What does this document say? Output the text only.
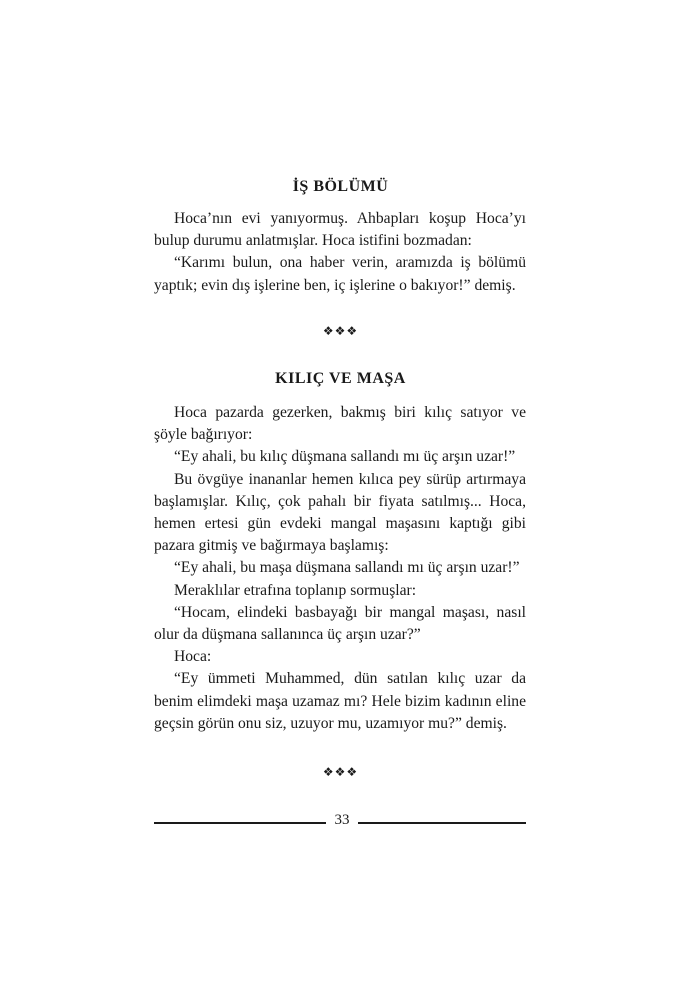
İŞ BÖLÜMÜ

Hoca’nın evi yanıyormuş. Ahbapları koşup Hoca’yı bulup durumu anlatmışlar. Hoca istifini bozmadan:

“Karımı bulun, ona haber verin, aramızda iş bölümü yaptık; evin dış işlerine ben, iç işlerine o bakıyor!” demiş.

❖❖❖
KILIÇ VE MAŞA

Hoca pazarda gezerken, bakmış biri kılıç satıyor ve şöyle bağırıyor:

“Ey ahali, bu kılıç düşmana sallandı mı üç arşın uzar!”

Bu övgüye inananlar hemen kılıca pey sürüp artırmaya başlamışlar. Kılıç, çok pahalı bir fiyata satılmış... Hoca, hemen ertesi gün evdeki mangal maşasını kaptığı gibi pazara gitmiş ve bağırmaya başlamış:

“Ey ahali, bu maşa düşmana sallandı mı üç arşın uzar!”

Meraklılar etrafına toplanıp sormuşlar:

“Hocam, elindeki basbayağı bir mangal maşası, nasıl olur da düşmana sallanınca üç arşın uzar?”

Hoca:

“Ey ümmeti Muhammed, dün satılan kılıç uzar da benim elimdeki maşa uzamaz mı? Hele bizim kadının eline geçsin görün onu siz, uzuyor mu, uzamıyor mu?” demiş.

❖❖❖
33
